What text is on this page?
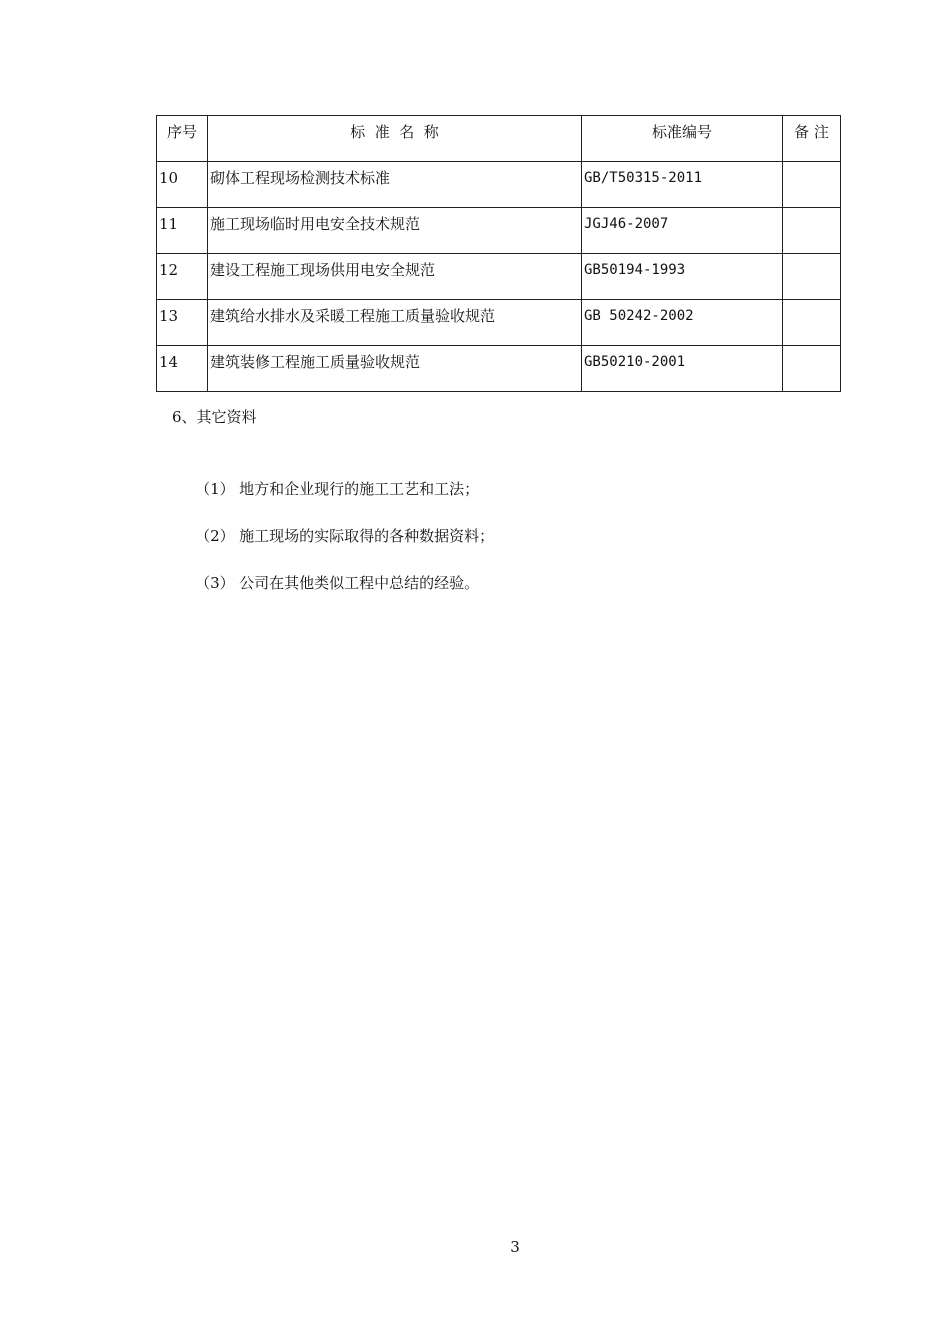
序号	标  准  名  称	标准编号	备 注
10	砌体工程现场检测技术标准	GB/T50315-2011	
11	施工现场临时用电安全技术规范	JGJ46-2007	
12	建设工程施工现场供用电安全规范	GB50194-1993	
13	建筑给水排水及采暖工程施工质量验收规范	GB 50242-2002	
14	建筑装修工程施工质量验收规范	GB50210-2001	
6、其它资料

（1） 地方和企业现行的施工工艺和工法；

（2） 施工现场的实际取得的各种数据资料；

（3） 公司在其他类似工程中总结的经验。

3
